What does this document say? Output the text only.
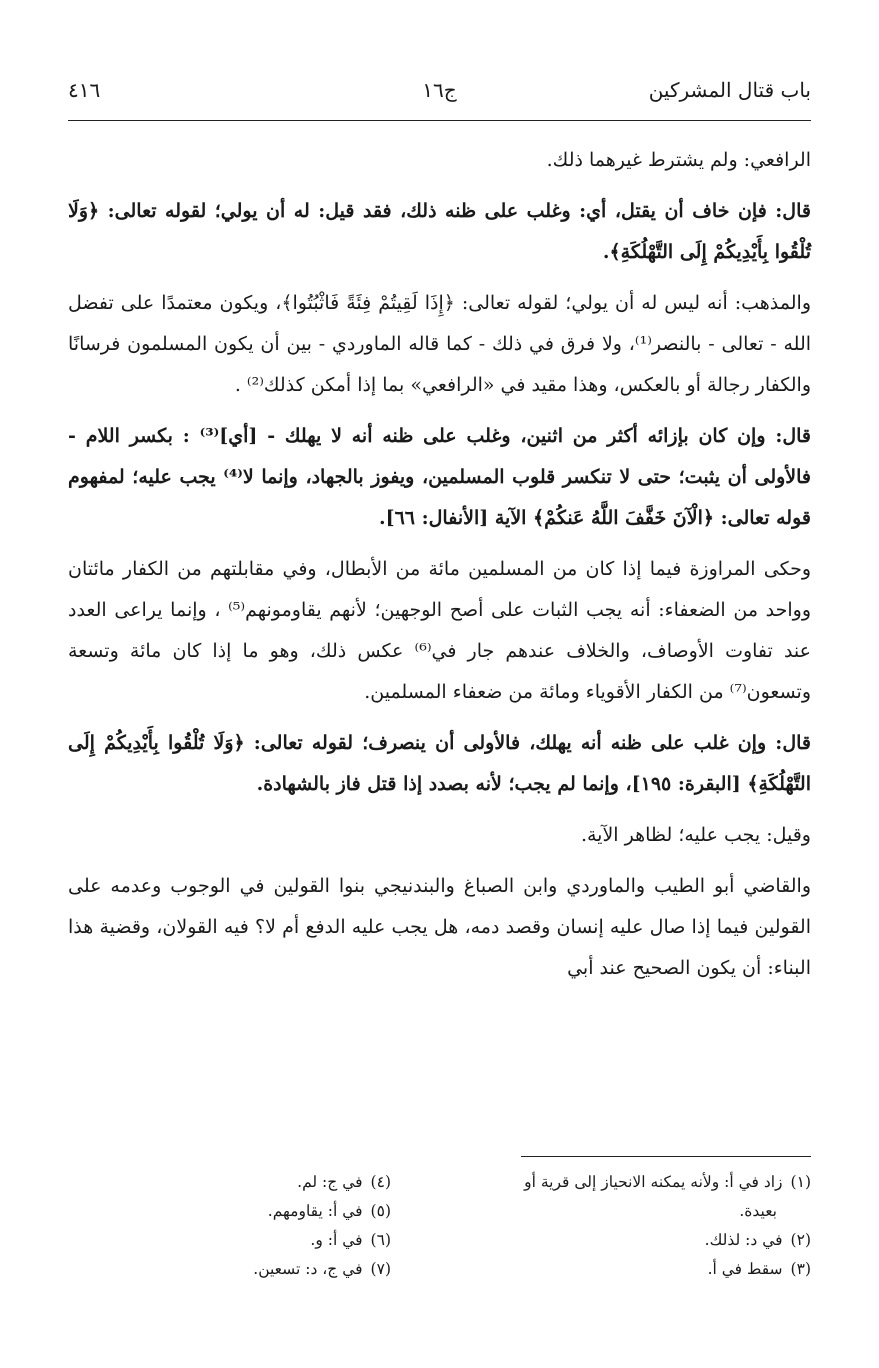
باب قتال المشركين
ج١٦
٤١٦

الرافعي: ولم يشترط غيرهما ذلك.

قال: فإن خاف أن يقتل، أي: وغلب على ظنه ذلك، فقد قيل: له أن يولي؛ لقوله تعالى: ﴿وَلَا تُلْقُوا بِأَيْدِيكُمْ إِلَى التَّهْلُكَةِ﴾.

والمذهب: أنه ليس له أن يولي؛ لقوله تعالى: ﴿إِذَا لَقِيتُمْ فِئَةً فَاثْبُتُوا﴾، ويكون معتمدًا على تفضل الله - تعالى - بالنصر⁽¹⁾، ولا فرق في ذلك - كما قاله الماوردي - بين أن يكون المسلمون فرسانًا والكفار رجالة أو بالعكس، وهذا مقيد في «الرافعي» بما إذا أمكن كذلك⁽²⁾ .

قال: وإن كان بإزائه أكثر من اثنين، وغلب على ظنه أنه لا يهلك - [أي]⁽³⁾ : بكسر اللام - فالأولى أن يثبت؛ حتى لا تنكسر قلوب المسلمين، ويفوز بالجهاد، وإنما لا⁽⁴⁾ يجب عليه؛ لمفهوم قوله تعالى: ﴿الْآنَ خَفَّفَ اللَّهُ عَنكُمْ﴾ الآية [الأنفال: ٦٦].

وحكى المراوزة فيما إذا كان من المسلمين مائة من الأبطال، وفي مقابلتهم من الكفار مائتان وواحد من الضعفاء: أنه يجب الثبات على أصح الوجهين؛ لأنهم يقاومونهم⁽⁵⁾ ، وإنما يراعى العدد عند تفاوت الأوصاف، والخلاف عندهم جار في⁽⁶⁾ عكس ذلك، وهو ما إذا كان مائة وتسعة وتسعون⁽⁷⁾ من الكفار الأقوياء ومائة من ضعفاء المسلمين.

قال: وإن غلب على ظنه أنه يهلك، فالأولى أن ينصرف؛ لقوله تعالى: ﴿وَلَا تُلْقُوا بِأَيْدِيكُمْ إِلَى التَّهْلُكَةِ﴾ [البقرة: ١٩٥]، وإنما لم يجب؛ لأنه بصدد إذا قتل فاز بالشهادة.

وقيل: يجب عليه؛ لظاهر الآية.

والقاضي أبو الطيب والماوردي وابن الصباغ والبندنيجي بنوا القولين في الوجوب وعدمه على القولين فيما إذا صال عليه إنسان وقصد دمه، هل يجب عليه الدفع أم لا؟ فيه القولان، وقضية هذا البناء: أن يكون الصحيح عند أبي

(١)زاد في أ: ولأنه يمكنه الانحياز إلى قرية أو
بعيدة.
(٢)في د: لذلك.
(٣)سقط في أ.
(٤)في ج: لم.
(٥)في أ: يقاومهم.
(٦)في أ: و.
(٧)في ج، د: تسعين.
